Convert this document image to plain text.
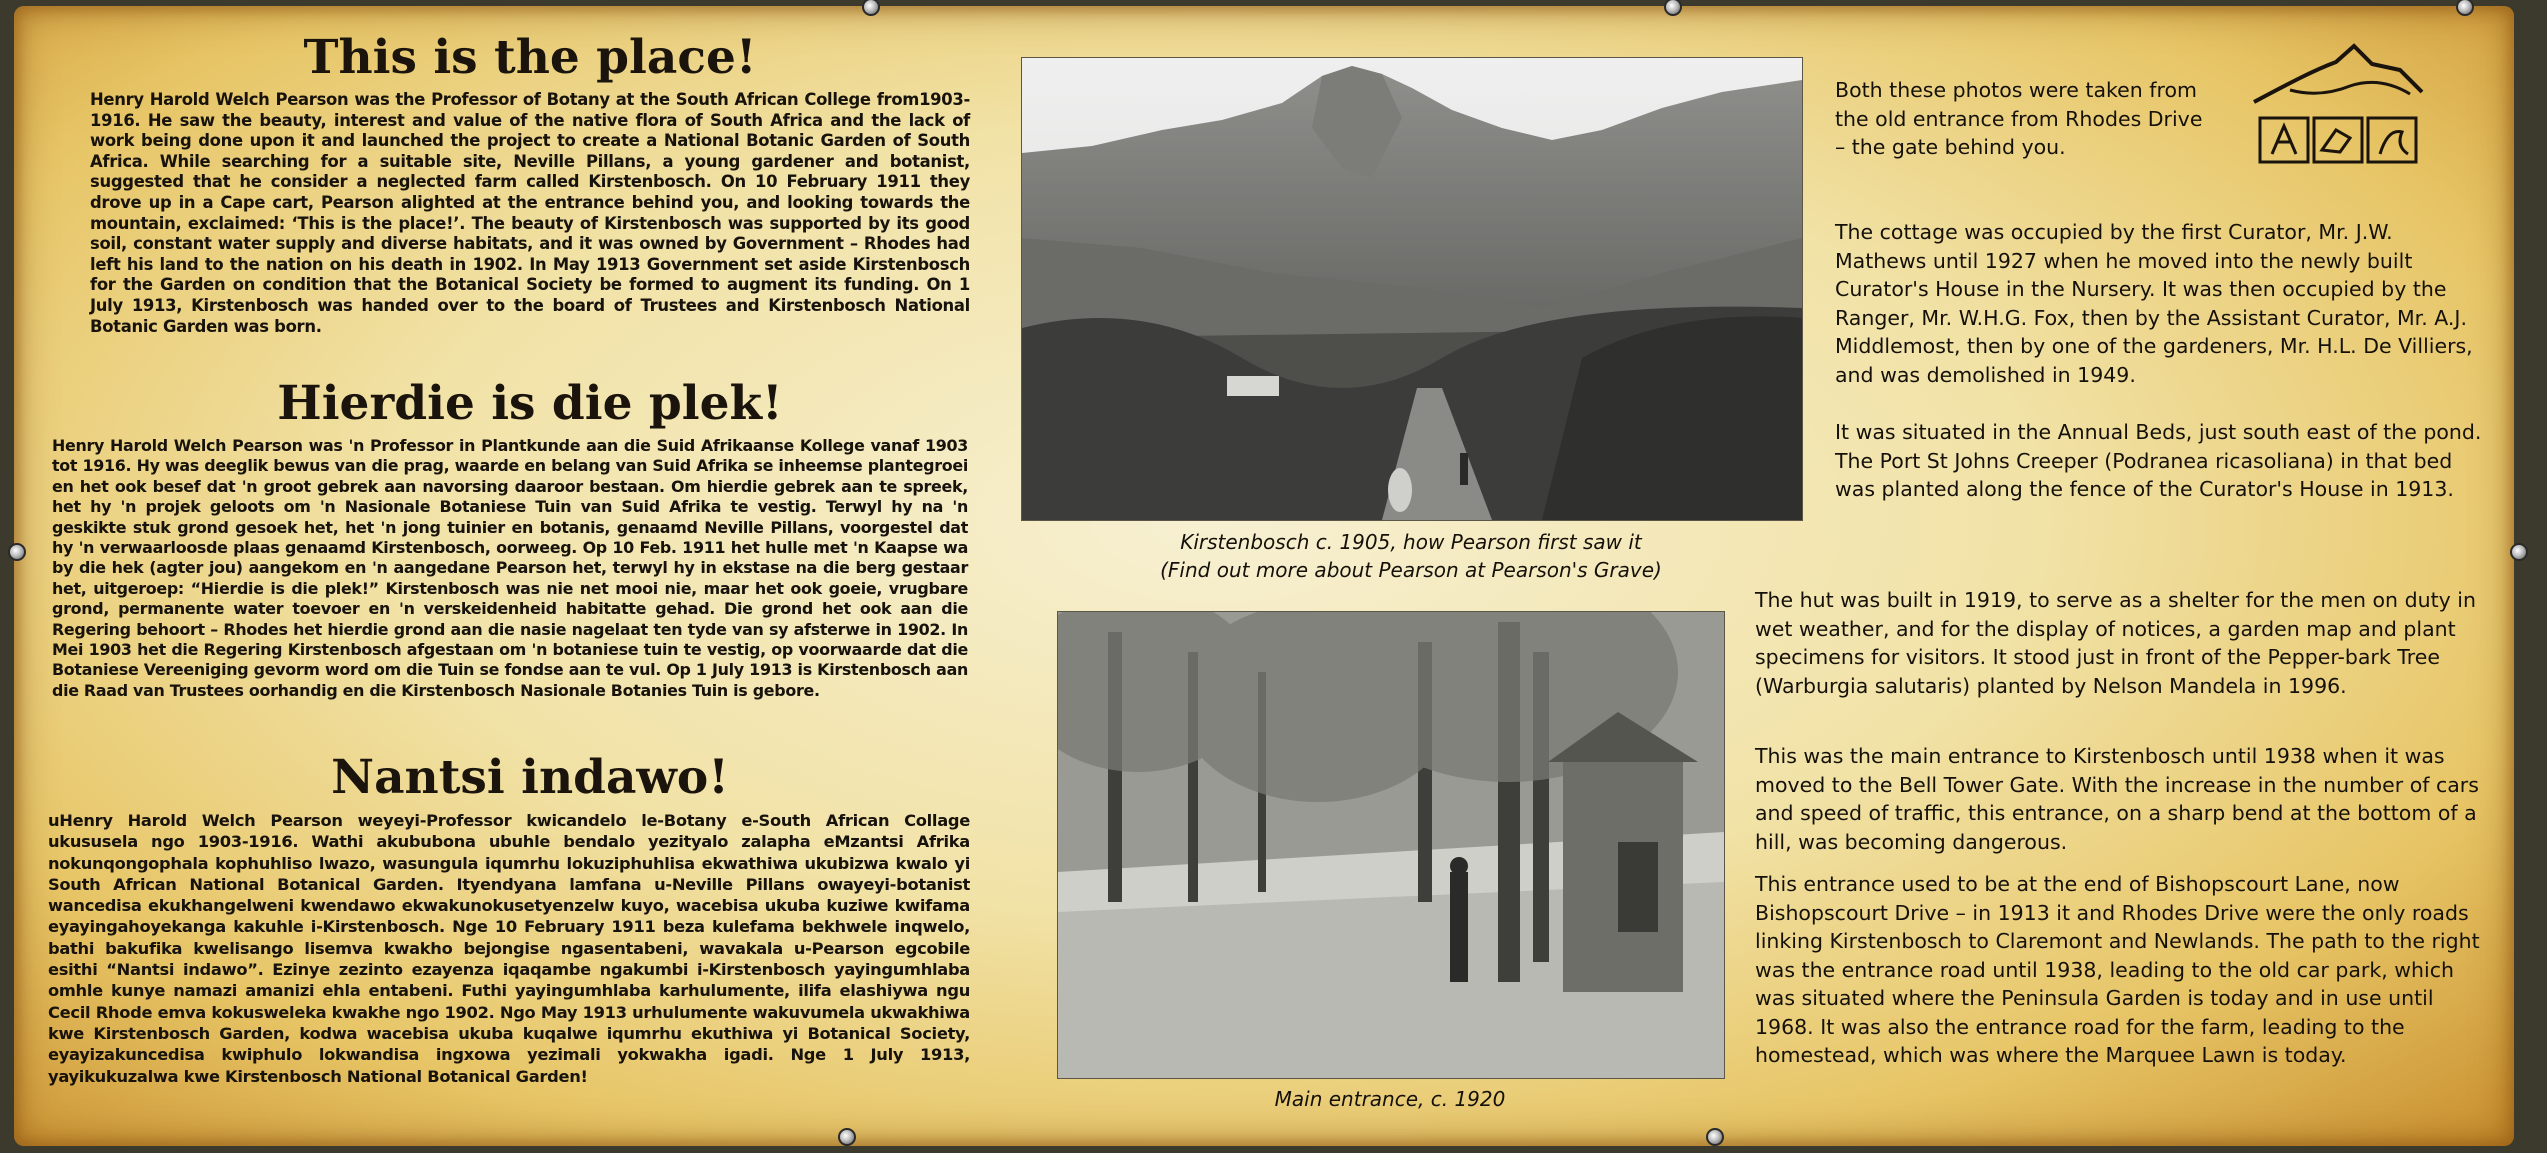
This is the place!

Henry Harold Welch Pearson was the Professor of Botany at the South African College from1903-1916. He saw the beauty, interest and value of the native flora of South Africa and the lack of work being done upon it and launched the project to create a National Botanic Garden of South Africa. While searching for a suitable site, Neville Pillans, a young gardener and botanist, suggested that he consider a neglected farm called Kirstenbosch. On 10 February 1911 they drove up in a Cape cart, Pearson alighted at the entrance behind you, and looking towards the mountain, exclaimed: ‘This is the place!’. The beauty of Kirstenbosch was supported by its good soil, constant water supply and diverse habitats, and it was owned by Government – Rhodes had left his land to the nation on his death in 1902. In May 1913 Government set aside Kirstenbosch for the Garden on condition that the Botanical Society be formed to augment its funding. On 1 July 1913, Kirstenbosch was handed over to the board of Trustees and Kirstenbosch National Botanic Garden was born.

Hierdie is die plek!

Henry Harold Welch Pearson was 'n Professor in Plantkunde aan die Suid Afrikaanse Kollege vanaf 1903 tot 1916. Hy was deeglik bewus van die prag, waarde en belang van Suid Afrika se inheemse plantegroei en het ook besef dat 'n groot gebrek aan navorsing daaroor bestaan. Om hierdie gebrek aan te spreek, het hy 'n projek geloots om 'n Nasionale Botaniese Tuin van Suid Afrika te vestig. Terwyl hy na 'n geskikte stuk grond gesoek het, het 'n jong tuinier en botanis, genaamd Neville Pillans, voorgestel dat hy 'n verwaarloosde plaas genaamd Kirstenbosch, oorweeg. Op 10 Feb. 1911 het hulle met 'n Kaapse wa by die hek (agter jou) aangekom en 'n aangedane Pearson het, terwyl hy in ekstase na die berg gestaar het, uitgeroep: “Hierdie is die plek!” Kirstenbosch was nie net mooi nie, maar het ook goeie, vrugbare grond, permanente water toevoer en 'n verskeidenheid habitatte gehad. Die grond het ook aan die Regering behoort – Rhodes het hierdie grond aan die nasie nagelaat ten tyde van sy afsterwe in 1902. In Mei 1903 het die Regering Kirstenbosch afgestaan om 'n botaniese tuin te vestig, op voorwaarde dat die Botaniese Vereeniging gevorm word om die Tuin se fondse aan te vul. Op 1 July 1913 is Kirstenbosch aan die Raad van Trustees oorhandig en die Kirstenbosch Nasionale Botanies Tuin is gebore.

Nantsi indawo!

uHenry Harold Welch Pearson weyeyi-Professor kwicandelo le-Botany e-South African Collage ukususela ngo 1903-1916. Wathi akububona ubuhle bendalo yezityalo zalapha eMzantsi Afrika nokunqongophala kophuhliso lwazo, wasungula iqumrhu lokuziphuhlisa ekwathiwa ukubizwa kwalo yi South African National Botanical Garden. Ityendyana lamfana u-Neville Pillans owayeyi-botanist wancedisa ekukhangelweni kwendawo ekwakunokusetyenzelw kuyo, wacebisa ukuba kuziwe kwifama eyayingahoyekanga kakuhle i-Kirstenbosch. Nge 10 February 1911 beza kulefama bekhwele inqwelo, bathi bakufika kwelisango lisemva kwakho bejongise ngasentabeni, wavakala u-Pearson egcobile esithi “Nantsi indawo”. Ezinye zezinto ezayenza iqaqambe ngakumbi i-Kirstenbosch yayingumhlaba omhle kunye namazi amanizi ehla entabeni. Futhi yayingumhlaba karhulumente, ilifa elashiywa ngu Cecil Rhode emva kokusweleka kwakhe ngo 1902. Ngo May 1913 urhulumente wakuvumela ukwakhiwa kwe Kirstenbosch Garden, kodwa wacebisa ukuba kuqalwe iqumrhu ekuthiwa yi Botanical Society, eyayizakuncedisa kwiphulo lokwandisa ingxowa yezimali yokwakha igadi. Nge 1 July 1913, yayikukuzalwa kwe Kirstenbosch National Botanical Garden!

Kirstenbosch c. 1905, how Pearson first saw it

(Find out more about Pearson at Pearson's Grave)

Main entrance, c. 1920

Both these photos were taken from the old entrance from Rhodes Drive – the gate behind you.

The cottage was occupied by the first Curator, Mr. J.W. Mathews until 1927 when he moved into the newly built Curator's House in the Nursery. It was then occupied by the Ranger, Mr. W.H.G. Fox, then by the Assistant Curator, Mr. A.J. Middlemost, then by one of the gardeners, Mr. H.L. De Villiers, and was demolished in 1949.

It was situated in the Annual Beds, just south east of the pond. The Port St Johns Creeper (Podranea ricasoliana) in that bed was planted along the fence of the Curator's House in 1913.

The hut was built in 1919, to serve as a shelter for the men on duty in wet weather, and for the display of notices, a garden map and plant specimens for visitors. It stood just in front of the Pepper-bark Tree (Warburgia salutaris) planted by Nelson Mandela in 1996.

This was the main entrance to Kirstenbosch until 1938 when it was moved to the Bell Tower Gate. With the increase in the number of cars and speed of traffic, this entrance, on a sharp bend at the bottom of a hill, was becoming dangerous.

This entrance used to be at the end of Bishopscourt Lane, now Bishopscourt Drive – in 1913 it and Rhodes Drive were the only roads linking Kirstenbosch to Claremont and Newlands. The path to the right was the entrance road until 1938, leading to the old car park, which was situated where the Peninsula Garden is today and in use until 1968. It was also the entrance road for the farm, leading to the homestead, which was where the Marquee Lawn is today.
